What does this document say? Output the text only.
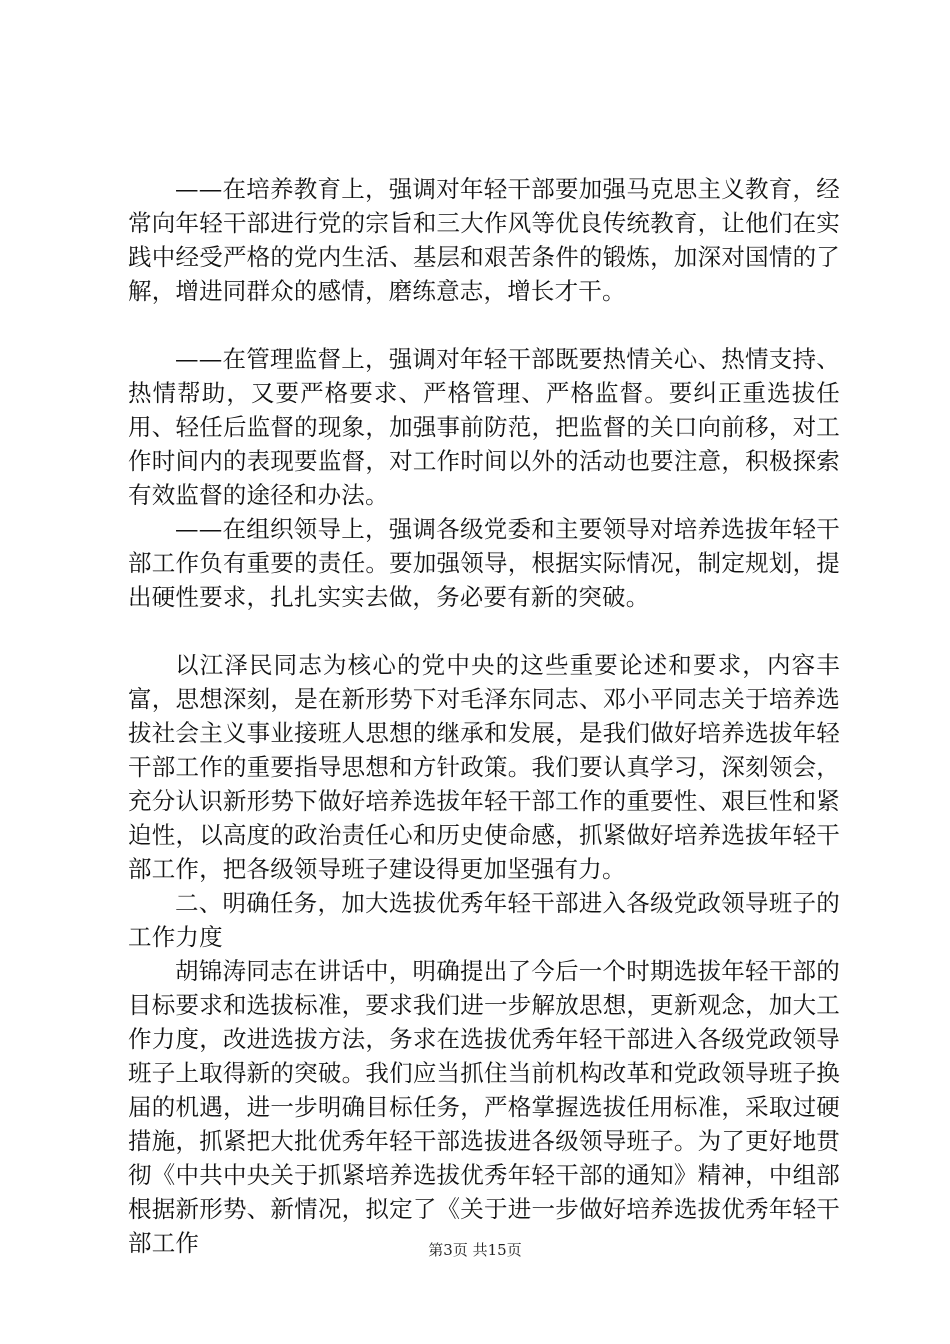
——在培养教育上，强调对年轻干部要加强马克思主义教育，经常向年轻干部进行党的宗旨和三大作风等优良传统教育，让他们在实践中经受严格的党内生活、基层和艰苦条件的锻炼，加深对国情的了解，增进同群众的感情，磨练意志，增长才干。

——在管理监督上，强调对年轻干部既要热情关心、热情支持、热情帮助，又要严格要求、严格管理、严格监督。要纠正重选拔任用、轻任后监督的现象，加强事前防范，把监督的关口向前移，对工作时间内的表现要监督，对工作时间以外的活动也要注意，积极探索有效监督的途径和办法。

——在组织领导上，强调各级党委和主要领导对培养选拔年轻干部工作负有重要的责任。要加强领导，根据实际情况，制定规划，提出硬性要求，扎扎实实去做，务必要有新的突破。

以江泽民同志为核心的党中央的这些重要论述和要求，内容丰富，思想深刻，是在新形势下对毛泽东同志、邓小平同志关于培养选拔社会主义事业接班人思想的继承和发展，是我们做好培养选拔年轻干部工作的重要指导思想和方针政策。我们要认真学习，深刻领会，充分认识新形势下做好培养选拔年轻干部工作的重要性、艰巨性和紧迫性，以高度的政治责任心和历史使命感，抓紧做好培养选拔年轻干部工作，把各级领导班子建设得更加坚强有力。

二、明确任务，加大选拔优秀年轻干部进入各级党政领导班子的工作力度

胡锦涛同志在讲话中，明确提出了今后一个时期选拔年轻干部的目标要求和选拔标准，要求我们进一步解放思想，更新观念，加大工作力度，改进选拔方法，务求在选拔优秀年轻干部进入各级党政领导班子上取得新的突破。我们应当抓住当前机构改革和党政领导班子换届的机遇，进一步明确目标任务，严格掌握选拔任用标准，采取过硬措施，抓紧把大批优秀年轻干部选拔进各级领导班子。为了更好地贯彻《中共中央关于抓紧培养选拔优秀年轻干部的通知》精神，中组部根据新形势、新情况，拟定了《关于进一步做好培养选拔优秀年轻干部工作	第3页 共15页
